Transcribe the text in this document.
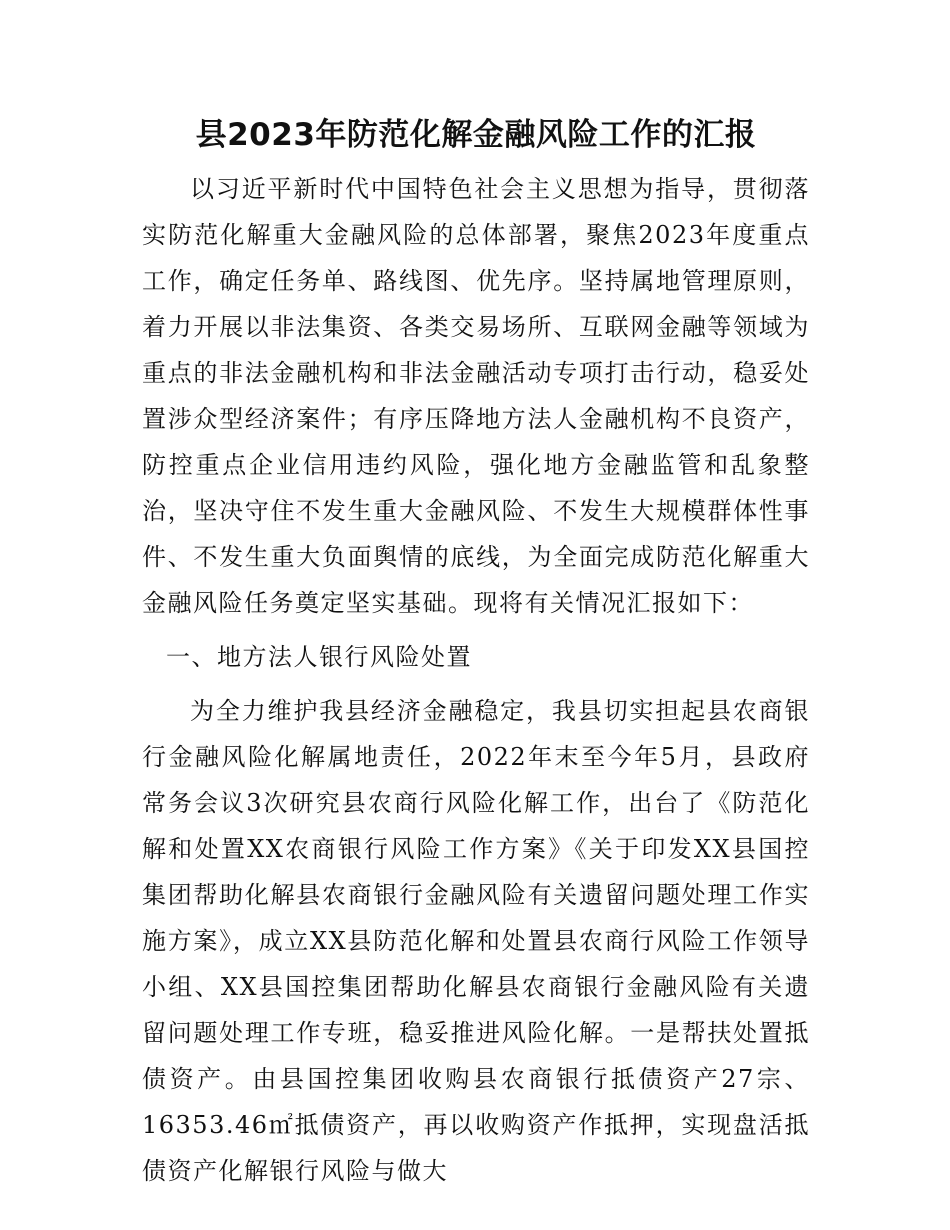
县2023年防范化解金融风险工作的汇报

以习近平新时代中国特色社会主义思想为指导，贯彻落实防范化解重大金融风险的总体部署，聚焦2023年度重点工作，确定任务单、路线图、优先序。坚持属地管理原则，着力开展以非法集资、各类交易场所、互联网金融等领域为重点的非法金融机构和非法金融活动专项打击行动，稳妥处置涉众型经济案件；有序压降地方法人金融机构不良资产，防控重点企业信用违约风险，强化地方金融监管和乱象整治，坚决守住不发生重大金融风险、不发生大规模群体性事件、不发生重大负面舆情的底线，为全面完成防范化解重大金融风险任务奠定坚实基础。现将有关情况汇报如下：

一、地方法人银行风险处置

为全力维护我县经济金融稳定，我县切实担起县农商银行金融风险化解属地责任，2022年末至今年5月，县政府常务会议3次研究县农商行风险化解工作，出台了《防范化解和处置XX农商银行风险工作方案》《关于印发XX县国控集团帮助化解县农商银行金融风险有关遗留问题处理工作实施方案》，成立XX县防范化解和处置县农商行风险工作领导小组、XX县国控集团帮助化解县农商银行金融风险有关遗留问题处理工作专班，稳妥推进风险化解。一是帮扶处置抵债资产。由县国控集团收购县农商银行抵债资产27宗、16353.46㎡抵债资产，再以收购资产作抵押，实现盘活抵债资产化解银行风险与做大
